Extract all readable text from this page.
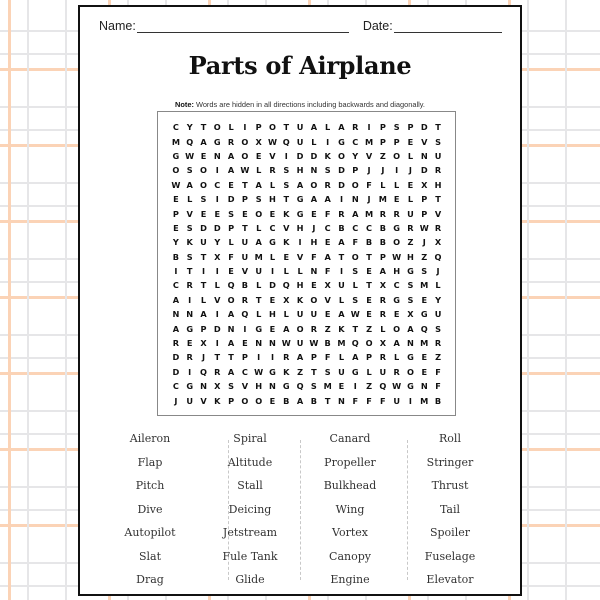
Name:	Date:
Parts of Airplane
Note: Words are hidden in all directions including backwards and diagonally.
C Y T O L	I	P O T U A L A R	I	P S P D T
M Q A G R O X W Q U L	I	G C M P P E V S
G W E N A O E V	I	D D K O Y V Z O L N U
O S O	I	A W L R S H N S D P	J	J	I	J	D R
W A O C E	T A L	S A O R D O F	L	L	E X H
E	L	S	I	D P S H T G A A	I	N	J M E	L P T
P V E	E S E O E K G E	F R A M R R U P V
E S D D P T	L C V H	J	C B C C B G R W R
Y K U Y	L U A G K	I	H E A F B B O Z	J	X
B S T X F U M L	E V F A T O T P W H Z Q
I	T	I	I	E V U	I	L	L N F	I	S E A H G S	J
C R T	L Q B L D Q H E X U L	T X C S M L
A	I	L V O R T	E X K O V L	S E R G S E Y
N N A	I	A Q L H L U U E A W E R E X G U
A G P D N	I	G E A O R Z K T Z	L O A Q S
R E X	I	A E N N W U W B M Q O X A N M R
D R	J	T	T P	I	I	R A P F	L A P R L G E Z
D	I	Q R A C W G K Z T S U G L U R O E	F
C G N X S V H N G Q S M E	I	Z Q W G N F
J	U V K P O O E B A B T N F	F	F U	I M B
Aileron
Flap
Pitch
Dive
Autopilot
Slat
Drag
Spiral
Altitude
Stall
Deicing
Jetstream
Fule Tank
Glide
Canard
Propeller
Bulkhead
Wing
Vortex
Canopy
Engine
Roll
Stringer
Thrust
Tail
Spoiler
Fuselage
Elevator
